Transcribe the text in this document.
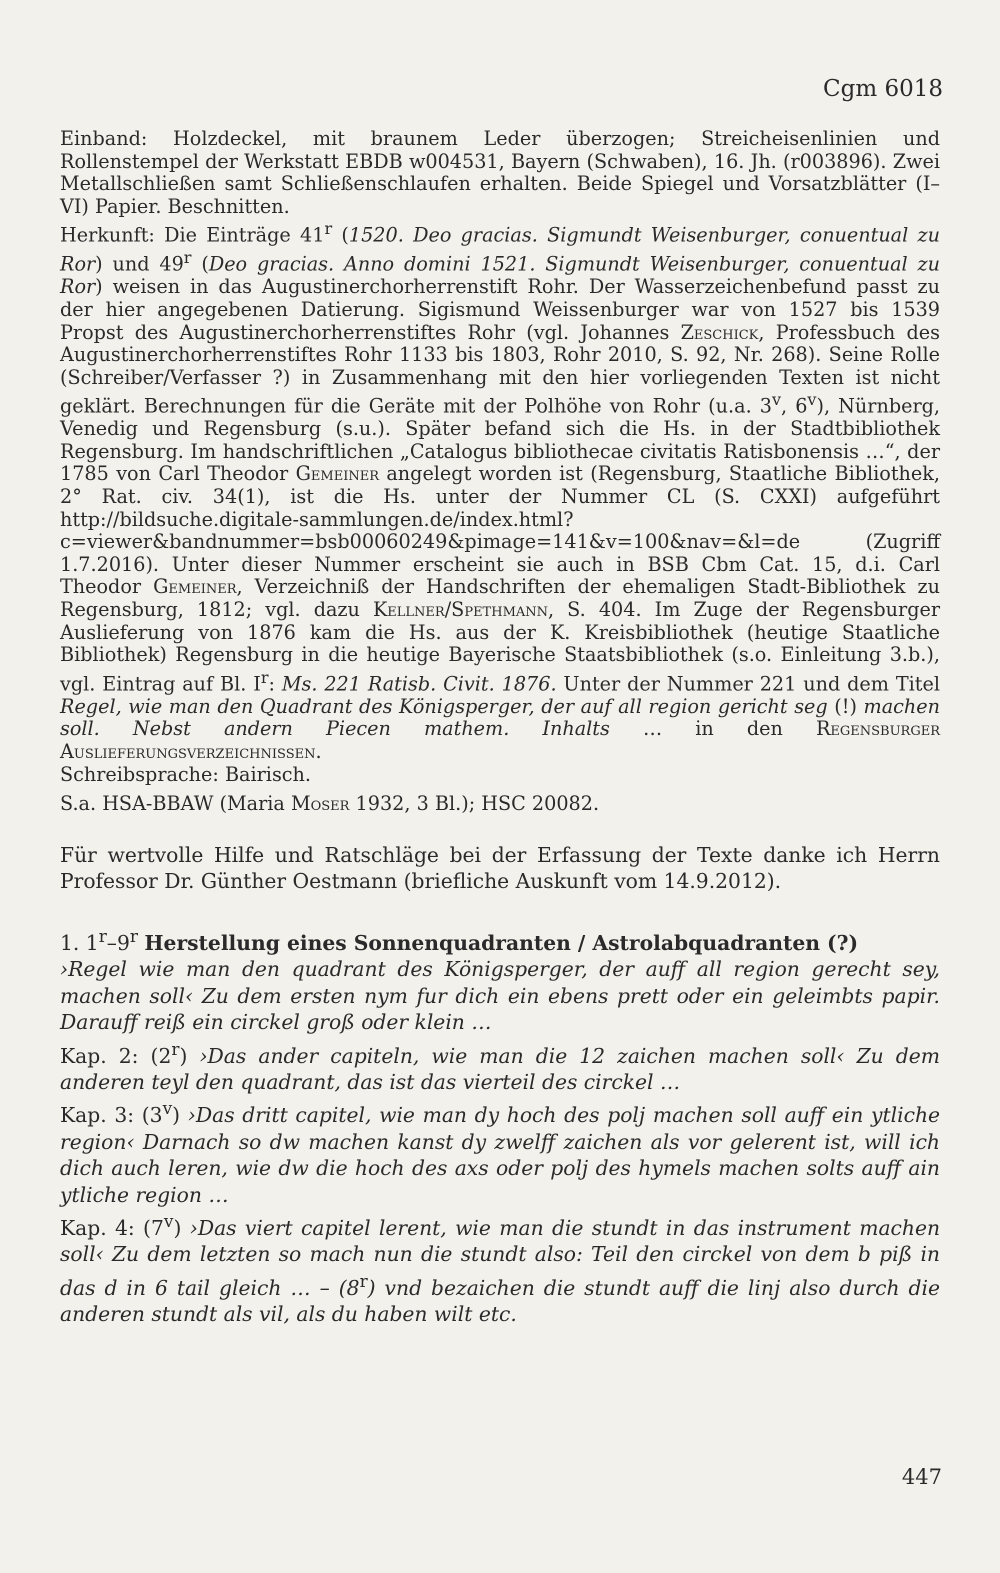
Cgm 6018

Einband: Holzdeckel, mit braunem Leder überzogen; Streicheisenlinien und Rollenstempel der Werkstatt EBDB w004531, Bayern (Schwaben), 16. Jh. (r003896). Zwei Metallschließen samt Schließenschlaufen erhalten. Beide Spiegel und Vorsatzblätter (I–VI) Papier. Beschnitten.

Herkunft: Die Einträge 41$^r$ (1520. Deo gracias. Sigmundt Weisenburger, conuentual zu Ror) und 49$^r$ (Deo gracias. Anno domini 1521. Sigmundt Weisenburger, conuentual zu Ror) weisen in das Augustinerchorherrenstift Rohr. Der Wasserzeichenbefund passt zu der hier angegebenen Datierung. Sigismund Weissenburger war von 1527 bis 1539 Propst des Augustinerchorherrenstiftes Rohr (vgl. Johannes Zeschick, Professbuch des Augustinerchorherrenstiftes Rohr 1133 bis 1803, Rohr 2010, S. 92, Nr. 268). Seine Rolle (Schreiber/Verfasser ?) in Zusammenhang mit den hier vorliegenden Texten ist nicht geklärt. Berechnungen für die Geräte mit der Polhöhe von Rohr (u.a. 3$^v$, 6$^v$), Nürnberg, Venedig und Regensburg (s.u.). Später befand sich die Hs. in der Stadtbibliothek Regensburg. Im handschriftlichen „Catalogus bibliothecae civitatis Ratisbonensis …“, der 1785 von Carl Theodor Gemeiner angelegt worden ist (Regensburg, Staatliche Bibliothek, 2° Rat. civ. 34(1), ist die Hs. unter der Nummer CL (S. CXXI) aufgeführt http://bildsuche.digitale-sammlungen.de/index.html?c=viewer&bandnummer=bsb00060249&pimage=141&v=100&nav=&l=de (Zugriff 1.7.2016). Unter dieser Nummer erscheint sie auch in BSB Cbm Cat. 15, d.i. Carl Theodor Gemeiner, Verzeichniß der Handschriften der ehemaligen Stadt-Bibliothek zu Regensburg, 1812; vgl. dazu Kellner/Spethmann, S. 404. Im Zuge der Regensburger Auslieferung von 1876 kam die Hs. aus der K. Kreisbibliothek (heutige Staatliche Bibliothek) Regensburg in die heutige Bayerische Staatsbibliothek (s.o. Einleitung 3.b.), vgl. Eintrag auf Bl. $I^r$: Ms. 221 Ratisb. Civit. 1876. Unter der Nummer 221 und dem Titel Regel, wie man den Quadrant des Königsperger, der auf all region gericht seg (!) machen soll. Nebst andern Piecen mathem. Inhalts … in den Regensburger Auslieferungsverzeichnissen.

Schreibsprache: Bairisch.

S.a. HSA-BBAW (Maria Moser 1932, 3 Bl.); HSC 20082.

Für wertvolle Hilfe und Ratschläge bei der Erfassung der Texte danke ich Herrn Professor Dr. Günther Oestmann (briefliche Auskunft vom 14.9.2012).

1. 1$^r$–9$^r$ Herstellung eines Sonnenquadranten / Astrolabquadranten (?)

›Regel wie man den quadrant des Königsperger, der auff all region gerecht sey, machen soll‹ Zu dem ersten nym fur dich ein ebens prett oder ein geleimbts papir. Darauff reiß ein circkel groß oder klein …

Kap. 2: (2$^r$) ›Das ander capiteln, wie man die 12 zaichen machen soll‹ Zu dem anderen teyl den quadrant, das ist das vierteil des circkel …

Kap. 3: (3$^v$) ›Das dritt capitel, wie man dy hoch des polj machen soll auff ein ytliche region‹ Darnach so dw machen kanst dy zwelff zaichen als vor gelerent ist, will ich dich auch leren, wie dw die hoch des axs oder polj des hymels machen solts auff ain ytliche region …

Kap. 4: (7$^v$) ›Das viert capitel lerent, wie man die stundt in das instrument machen soll‹ Zu dem letzten so mach nun die stundt also: Teil den circkel von dem b piß in das d in 6 tail gleich … – (8$^r$) vnd bezaichen die stundt auff die linj also durch die anderen stundt als vil, als du haben wilt etc.

447
